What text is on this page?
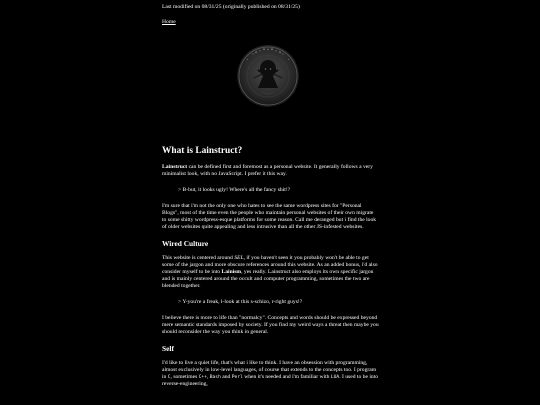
Last modified on 08/31/25 (originally published on 08/31/25)

Home
What is Lainstruct?

Lainstruct can be defined first and foremost as a personal website. It generally follows a very minimalist look, with no JavaScript. I prefer it this way.

> B-but, it looks ugly! Where's all the fancy shit!?

I'm sure that i'm not the only one who hates to see the same wordpress sites for "Personal Blogs", most of the time even the people who maintain personal websites of their own migrate to some shitty wordpress-esque platforms for some reason. Call me deranged but i find the look of older websites quite appealing and less intrusive than all the other JS-infested websites.

Wired Culture

This website is centered around SEL, if you haven't seen it you probably won't be able to get some of the jargon and more obscure references around this website. As an added bonus, i'd also consider myself to be into Lainism, yes really. Lainstruct also employs its own specific jargon and is mainly centered around the occult and computer programming, sometimes the two are blended together.

> Y-you're a freak, l-look at this s-schizo, r-right guys!?

I believe there is more to life than "normalcy". Concepts and words should be expressed beyond mere semantic standards imposed by society. If you find my weird ways a threat then maybe you should reconsider the way you think in general.

Self

I'd like to live a quiet life, that's what i like to think. I have an obsession with programming, almost exclusively in low-level languages, of course that extends to the concepts too. I program in C, sometimes C++, Bash and Perl when it's needed and i'm familiar with LUA. I used to be into reverse-engineering,
